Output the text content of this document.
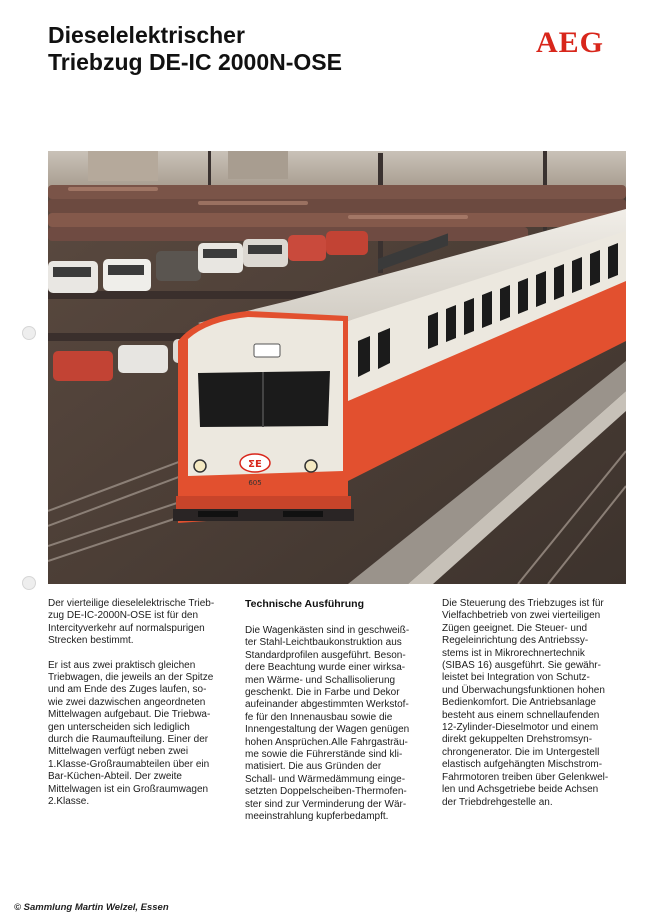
Dieselelektrischer
Triebzug DE-IC 2000N-OSE
AEG
ΣΕ
605

Der vierteilige dieselelektrische Trieb-
zug DE-IC-2000N-OSE ist für den
Intercityverkehr auf normalspurigen
Strecken bestimmt.

Er ist aus zwei praktisch gleichen
Triebwagen, die jeweils an der Spitze
und am Ende des Zuges laufen, so-
wie zwei dazwischen angeordneten
Mittelwagen aufgebaut. Die Triebwa-
gen unterscheiden sich lediglich
durch die Raumaufteilung. Einer der
Mittelwagen verfügt neben zwei
1.Klasse-Großraumabteilen über ein
Bar-Küchen-Abteil. Der zweite
Mittelwagen ist ein Großraumwagen
2.Klasse.

Technische Ausführung

Die Wagenkästen sind in geschweiß-
ter Stahl-Leichtbaukonstruktion aus
Standardprofilen ausgeführt. Beson-
dere Beachtung wurde einer wirksa-
men Wärme- und Schallisolierung
geschenkt. Die in Farbe und Dekor
aufeinander abgestimmten Werkstof-
fe für den Innenausbau sowie die
Innengestaltung der Wagen genügen
hohen Ansprüchen.Alle Fahrgasträu-
me sowie die Führerstände sind kli-
matisiert. Die aus Gründen der
Schall- und Wärmedämmung einge-
setzten Doppelscheiben-Thermofen-
ster sind zur Verminderung der Wär-
meeinstrahlung kupferbedampft.

Die Steuerung des Triebzuges ist für
Vielfachbetrieb von zwei vierteiligen
Zügen geeignet. Die Steuer- und
Regeleinrichtung des Antriebssy-
stems ist in Mikrorechnertechnik
(SIBAS 16) ausgeführt. Sie gewähr-
leistet bei Integration von Schutz-
und Überwachungsfunktionen hohen
Bedienkomfort. Die Antriebsanlage
besteht aus einem schnellaufenden
12-Zylinder-Dieselmotor und einem
direkt gekuppelten Drehstromsyn-
chrongenerator. Die im Untergestell
elastisch aufgehängten Mischstrom-
Fahrmotoren treiben über Gelenkwel-
len und Achsgetriebe beide Achsen
der Triebdrehgestelle an.

© Sammlung Martin Welzel, Essen
